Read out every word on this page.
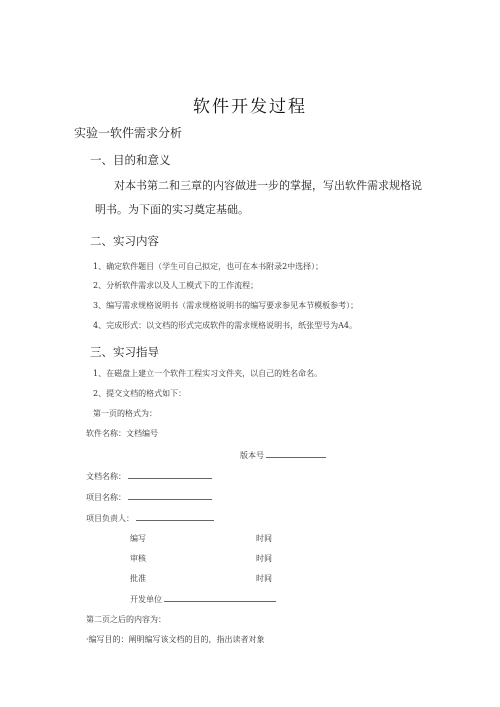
软件开发过程
实验一软件需求分析
一、目的和意义
对本书第二和三章的内容做进一步的掌握，写出软件需求规格说
明书。为下面的实习奠定基础。
二、实习内容
1、确定软件题目（学生可自己拟定，也可在本书附录2中选择）；
2、分析软件需求以及人工模式下的工作流程；
3、编写需求规格说明书（需求规格说明书的编写要求参见本节模板参考）；
4、完成形式：以文档的形式完成软件的需求规格说明书，纸张型号为A4。
三、实习指导
1、在磁盘上建立一个软件工程实习文件夹，以自己的姓名命名。
2、提交文档的格式如下：
第一页的格式为：
软件名称：文档编号
版本号
文档名称：
项目名称：
项目负责人：
编写	时间
审核	时间
批准	时间
开发单位
第二页之后的内容为：
·编写目的：阐明编写该文档的目的，指出读者对象
